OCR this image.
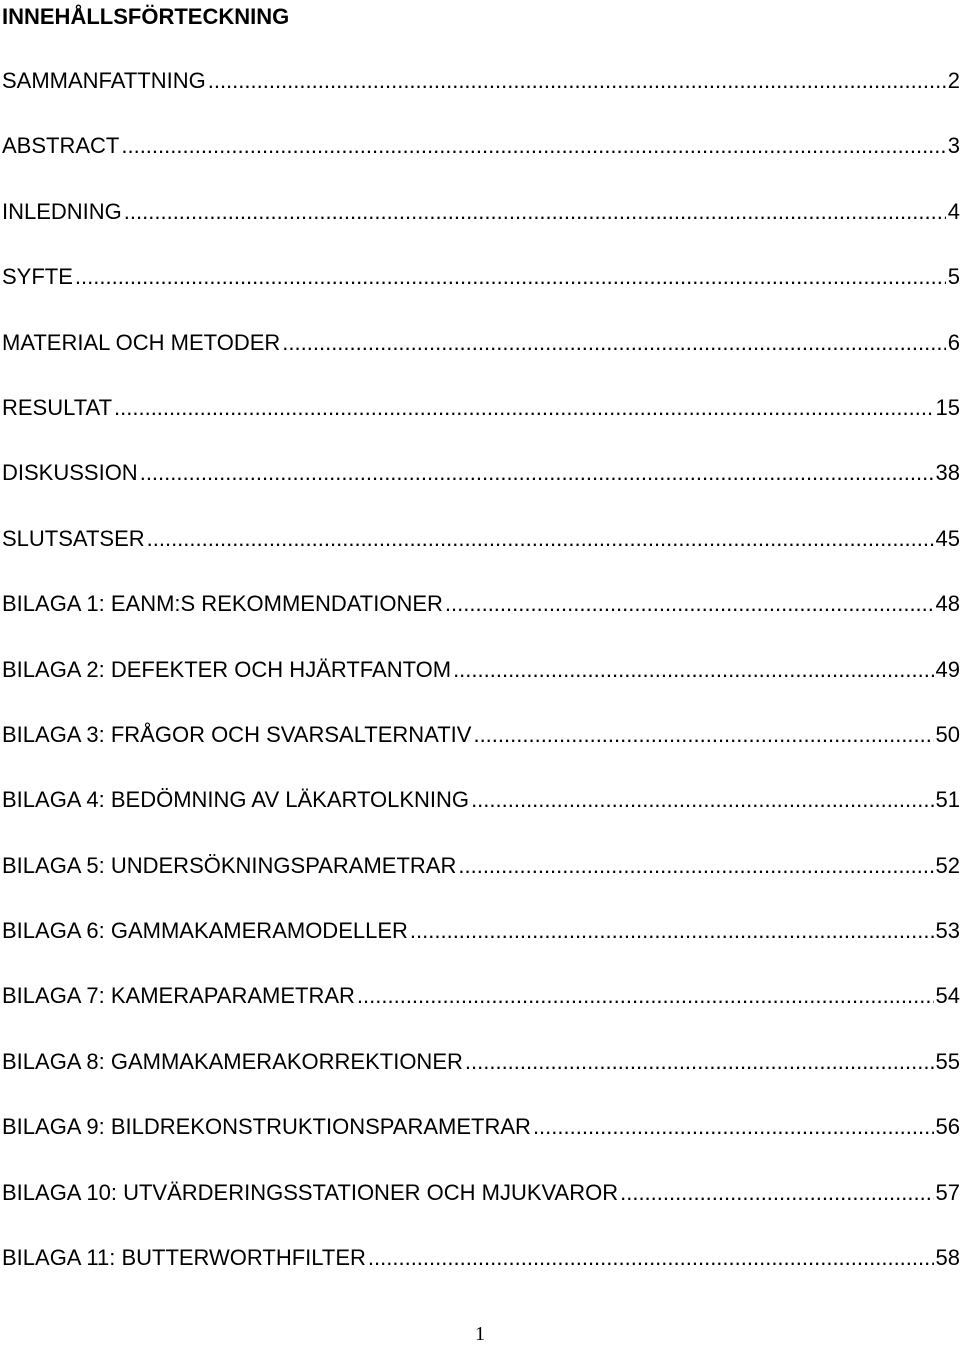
INNEHÅLLSFÖRTECKNING
SAMMANFATTNING .....	2
ABSTRACT .....	3
INLEDNING .....	4
SYFTE .....	5
MATERIAL OCH METODER .....	6
RESULTAT .....	15
DISKUSSION .....	38
SLUTSATSER .....	45
BILAGA 1: EANM:S REKOMMENDATIONER .....	48
BILAGA 2: DEFEKTER OCH HJÄRTFANTOM .....	49
BILAGA 3: FRÅGOR OCH SVARSALTERNATIV .....	50
BILAGA 4: BEDÖMNING AV LÄKARTOLKNING .....	51
BILAGA 5: UNDERSÖKNINGSPARAMETRAR .....	52
BILAGA 6: GAMMAKAMERAMODELLER .....	53
BILAGA 7: KAMERAPARAMETRAR .....	54
BILAGA 8: GAMMAKAMERAKORREKTIONER .....	55
BILAGA 9: BILDREKONSTRUKTIONSPARAMETRAR .....	56
BILAGA 10: UTVÄRDERINGSSTATIONER OCH MJUKVAROR .....	57
BILAGA 11: BUTTERWORTHFILTER .....	58
1
